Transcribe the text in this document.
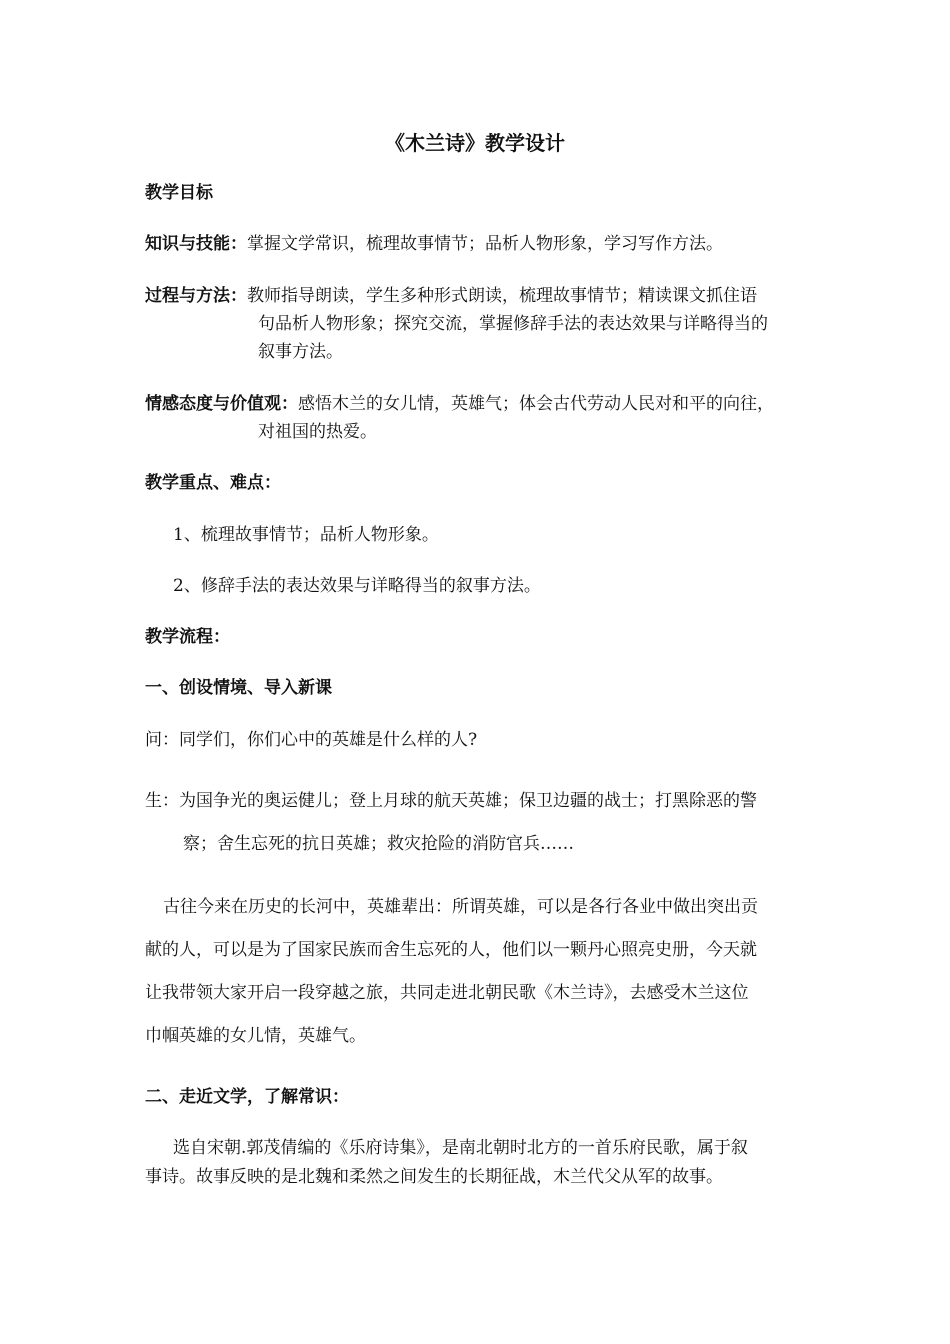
《木兰诗》教学设计
教学目标
知识与技能：掌握文学常识，梳理故事情节；品析人物形象，学习写作方法。
过程与方法：教师指导朗读，学生多种形式朗读，梳理故事情节；精读课文抓住语
句品析人物形象；探究交流，掌握修辞手法的表达效果与详略得当的
叙事方法。
情感态度与价值观：感悟木兰的女儿情，英雄气；体会古代劳动人民对和平的向往，
对祖国的热爱。
教学重点、难点：
1、梳理故事情节；品析人物形象。
2、修辞手法的表达效果与详略得当的叙事方法。
教学流程：
一、创设情境、导入新课
问：同学们，你们心中的英雄是什么样的人?
生：为国争光的奥运健儿；登上月球的航天英雄；保卫边疆的战士；打黑除恶的警
察；舍生忘死的抗日英雄；救灾抢险的消防官兵……
古往今来在历史的长河中，英雄辈出：所谓英雄，可以是各行各业中做出突出贡
献的人，可以是为了国家民族而舍生忘死的人，他们以一颗丹心照亮史册，今天就
让我带领大家开启一段穿越之旅，共同走进北朝民歌《木兰诗》，去感受木兰这位
巾帼英雄的女儿情，英雄气。
二、走近文学，了解常识：
选自宋朝.郭茂倩编的《乐府诗集》，是南北朝时北方的一首乐府民歌，属于叙
事诗。故事反映的是北魏和柔然之间发生的长期征战，木兰代父从军的故事。
